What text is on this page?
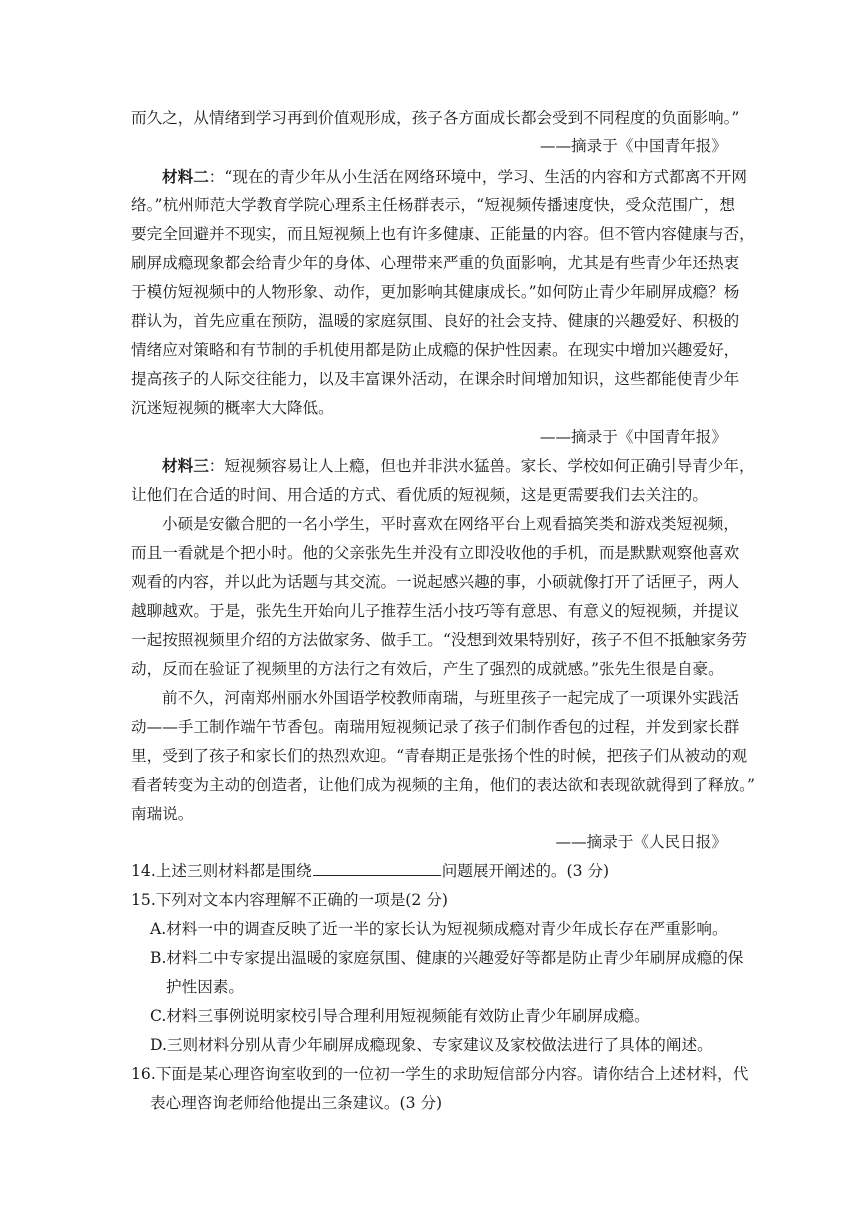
而久之，从情绪到学习再到价值观形成，孩子各方面成长都会受到不同程度的负面影响。”
——摘录于《中国青年报》
材料二：“现在的青少年从小生活在网络环境中，学习、生活的内容和方式都离不开网
络。”杭州师范大学教育学院心理系主任杨群表示，“短视频传播速度快，受众范围广，想
要完全回避并不现实，而且短视频上也有许多健康、正能量的内容。但不管内容健康与否，
刷屏成瘾现象都会给青少年的身体、心理带来严重的负面影响，尤其是有些青少年还热衷
于模仿短视频中的人物形象、动作，更加影响其健康成长。”如何防止青少年刷屏成瘾？杨
群认为，首先应重在预防，温暖的家庭氛围、良好的社会支持、健康的兴趣爱好、积极的
情绪应对策略和有节制的手机使用都是防止成瘾的保护性因素。在现实中增加兴趣爱好，
提高孩子的人际交往能力，以及丰富课外活动，在课余时间增加知识，这些都能使青少年
沉迷短视频的概率大大降低。
——摘录于《中国青年报》
材料三：短视频容易让人上瘾，但也并非洪水猛兽。家长、学校如何正确引导青少年，
让他们在合适的时间、用合适的方式、看优质的短视频，这是更需要我们去关注的。
小硕是安徽合肥的一名小学生，平时喜欢在网络平台上观看搞笑类和游戏类短视频，
而且一看就是个把小时。他的父亲张先生并没有立即没收他的手机，而是默默观察他喜欢
观看的内容，并以此为话题与其交流。一说起感兴趣的事，小硕就像打开了话匣子，两人
越聊越欢。于是，张先生开始向儿子推荐生活小技巧等有意思、有意义的短视频，并提议
一起按照视频里介绍的方法做家务、做手工。“没想到效果特别好，孩子不但不抵触家务劳
动，反而在验证了视频里的方法行之有效后，产生了强烈的成就感。”张先生很是自豪。
前不久，河南郑州丽水外国语学校教师南瑞，与班里孩子一起完成了一项课外实践活
动——手工制作端午节香包。南瑞用短视频记录了孩子们制作香包的过程，并发到家长群
里，受到了孩子和家长们的热烈欢迎。“青春期正是张扬个性的时候，把孩子们从被动的观
看者转变为主动的创造者，让他们成为视频的主角，他们的表达欲和表现欲就得到了释放。”
南瑞说。
——摘录于《人民日报》
14.上述三则材料都是围绕	问题展开阐述的。(3 分)
15.下列对文本内容理解不正确的一项是(2 分)
A.材料一中的调查反映了近一半的家长认为短视频成瘾对青少年成长存在严重影响。
B.材料二中专家提出温暖的家庭氛围、健康的兴趣爱好等都是防止青少年刷屏成瘾的保
护性因素。
C.材料三事例说明家校引导合理利用短视频能有效防止青少年刷屏成瘾。
D.三则材料分别从青少年刷屏成瘾现象、专家建议及家校做法进行了具体的阐述。
16.下面是某心理咨询室收到的一位初一学生的求助短信部分内容。请你结合上述材料，代
表心理咨询老师给他提出三条建议。(3 分)
